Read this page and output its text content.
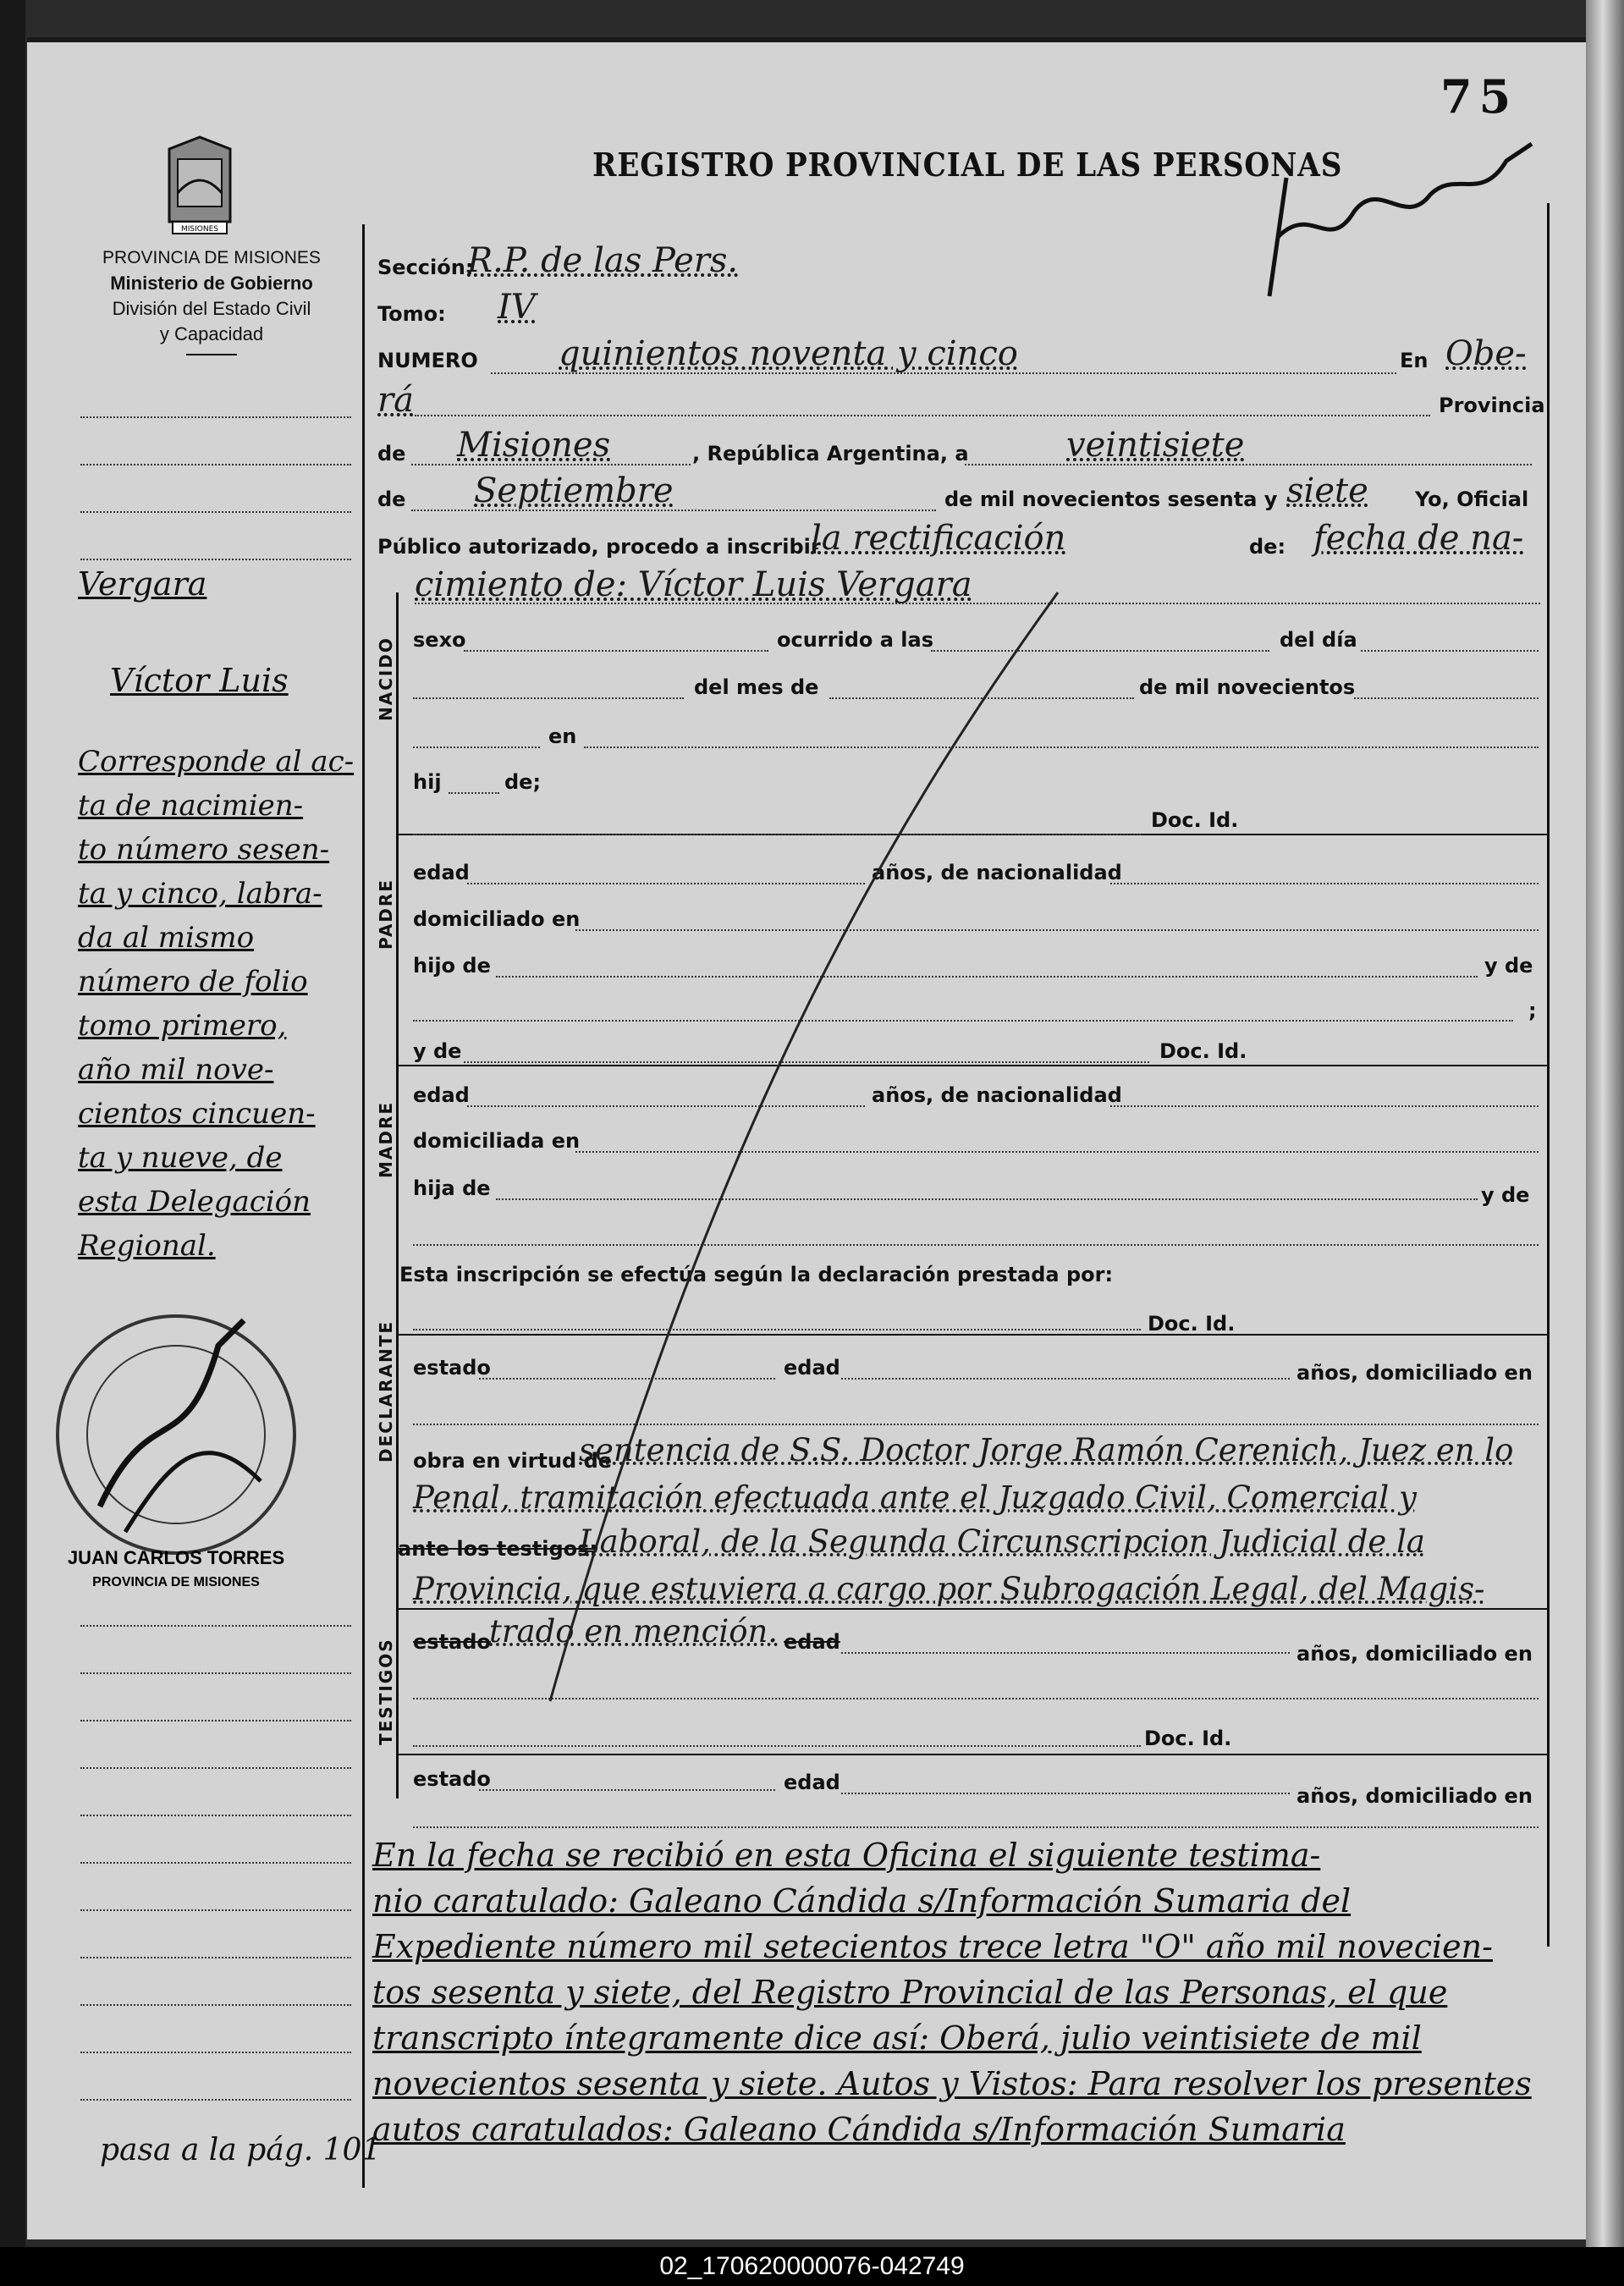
75
REGISTRO PROVINCIAL DE LAS PERSONAS
MISIONES
PROVINCIA DE MISIONES
Ministerio de Gobierno
División del Estado Civil
y Capacidad
Vergara
Víctor Luis
Corresponde al ac-
ta de nacimien-
to número sesen-
ta y cinco, labra-
da al mismo
número de folio
tomo primero,
año mil nove-
cientos cincuen-
ta y nueve, de
esta Delegación
Regional.
JUAN CARLOS TORRES
PROVINCIA DE MISIONES
Sección:
R.P. de las Pers.
Tomo: IV
NUMERO quinientos noventa y cinco	En Obe-
rá	Provincia
de Misiones	, República Argentina, a	veintisiete
de Septiembre	de mil novecientos sesenta y siete Yo, Oficial
Público autorizado, procedo a inscribir
la rectificación	de: fecha de na-
cimiento de: Víctor Luis Vergara
NACIDO
PADRE
MADRE
DECLARANTE
TESTIGOS
sexo	ocurrido a las	del día
del mes de	de mil novecientos
en
hij	de;
Doc. Id.
edad	años, de nacionalidad
domiciliado en
hijo de	y de
;
y de	Doc. Id.
edad	años, de nacionalidad
domiciliada en
hija de	y de
Esta inscripción se efectúa según la declaración prestada por:
Doc. Id.
estado	edad	años, domiciliado en
obra en virtud de
sentencia de S.S. Doctor Jorge Ramón Cerenich, Juez en lo
Penal, tramitación efectuada ante el Juzgado Civil, Comercial y
ante los testigos:
Laboral, de la Segunda Circunscripcion Judicial de la
Provincia, que estuviera a cargo por Subrogación Legal, del Magis-
estado
trado en mención. edad	años, domiciliado en
Doc. Id.
estado	edad
años, domiciliado en
En la fecha se recibió en esta Oficina el siguiente testima-
nio caratulado: Galeano Cándida s/Información Sumaria del
Expediente número mil setecientos trece letra "O" año mil novecien-
tos sesenta y siete, del Registro Provincial de las Personas, el que
transcripto íntegramente dice así: Oberá, julio veintisiete de mil
novecientos sesenta y siete. Autos y Vistos: Para resolver los presentes
autos caratulados: Galeano Cándida s/Información Sumaria
pasa a la pág. 101
02_170620000076-042749
